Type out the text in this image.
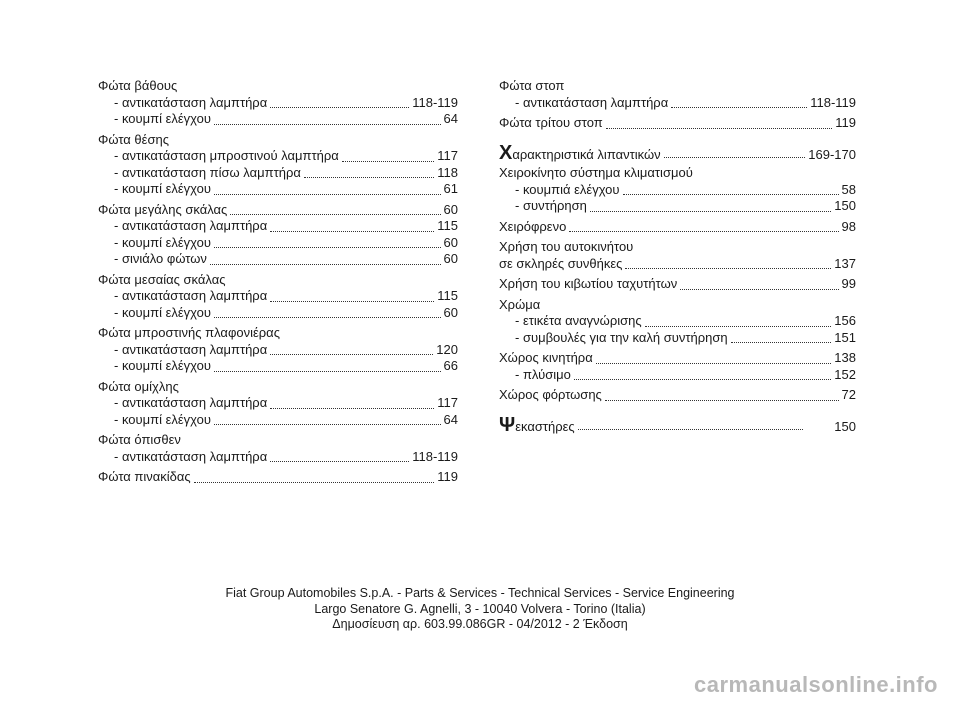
Φώτα βάθους
- αντικατάσταση λαμπτήρα	118-119
- κουμπί ελέγχου	64
Φώτα θέσης
- αντικατάσταση μπροστινού λαμπτήρα	117
- αντικατάσταση πίσω λαμπτήρα	118
- κουμπί ελέγχου	61
Φώτα μεγάλης σκάλας	60
- αντικατάσταση λαμπτήρα	115
- κουμπί ελέγχου	60
- σινιάλο φώτων	60
Φώτα μεσαίας σκάλας
- αντικατάσταση λαμπτήρα	115
- κουμπί ελέγχου	60
Φώτα μπροστινής πλαφονιέρας
- αντικατάσταση λαμπτήρα	120
- κουμπί ελέγχου	66
Φώτα ομίχλης
- αντικατάσταση λαμπτήρα	117
- κουμπί ελέγχου	64
Φώτα όπισθεν
- αντικατάσταση λαμπτήρα	118-119
Φώτα πινακίδας	119
Φώτα στοπ
- αντικατάσταση λαμπτήρα	118-119
Φώτα τρίτου στοπ	119
Χαρακτηριστικά λιπαντικών	169-170
Χειροκίνητο σύστημα κλιματισμού
- κουμπιά ελέγχου	58
- συντήρηση	150
Χειρόφρενο	98
Χρήση του αυτοκινήτου
σε σκληρές συνθήκες	137
Χρήση του κιβωτίου ταχυτήτων	99
Χρώμα
- ετικέτα αναγνώρισης	156
- συμβουλές για την καλή συντήρηση	151
Χώρος κινητήρα	138
- πλύσιμο	152
Χώρος φόρτωσης	72
Ψεκαστήρες	150
Fiat Group Automobiles S.p.A. - Parts & Services - Technical Services - Service Engineering
Largo Senatore G. Agnelli, 3 - 10040 Volvera - Torino (Italia)
Δημοσίευση αρ. 603.99.086GR - 04/2012 - 2 Έκδοση
carmanualsonline.info
